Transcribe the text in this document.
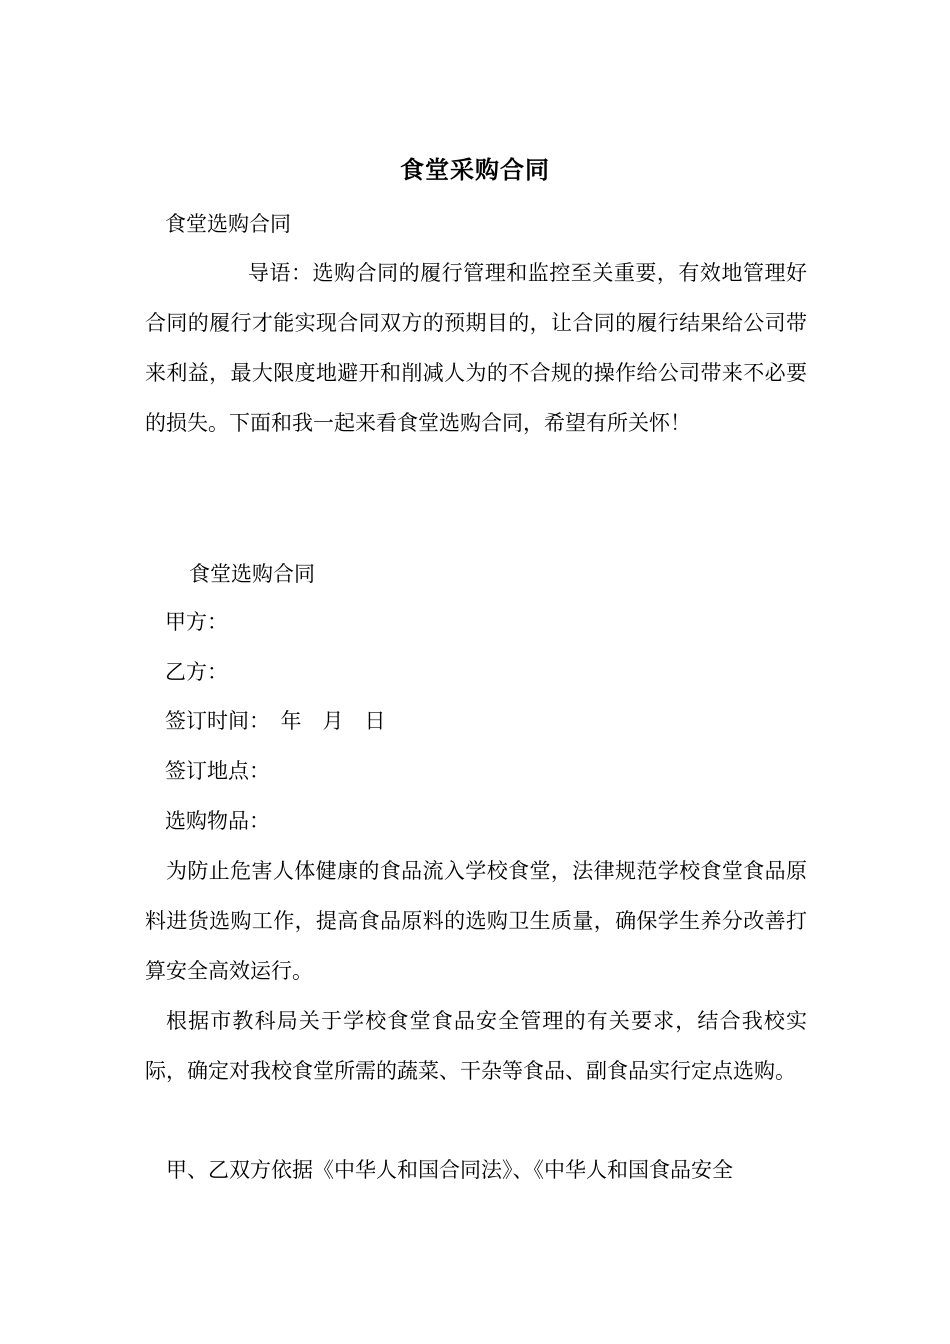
食堂采购合同
食堂选购合同
导语：选购合同的履行管理和监控至关重要，有效地管理好合同的履行才能实现合同双方的预期目的，让合同的履行结果给公司带来利益，最大限度地避开和削减人为的不合规的操作给公司带来不必要的损失。下面和我一起来看食堂选购合同，希望有所关怀！
食堂选购合同
甲方：
乙方：
签订时间：　年　月　日
签订地点：
选购物品：
为防止危害人体健康的食品流入学校食堂，法律规范学校食堂食品原料进货选购工作，提高食品原料的选购卫生质量，确保学生养分改善打算安全高效运行。
根据市教科局关于学校食堂食品安全管理的有关要求，结合我校实际，确定对我校食堂所需的蔬菜、干杂等食品、副食品实行定点选购。
甲、乙双方依据《中华人和国合同法》、《中华人和国食品安全
